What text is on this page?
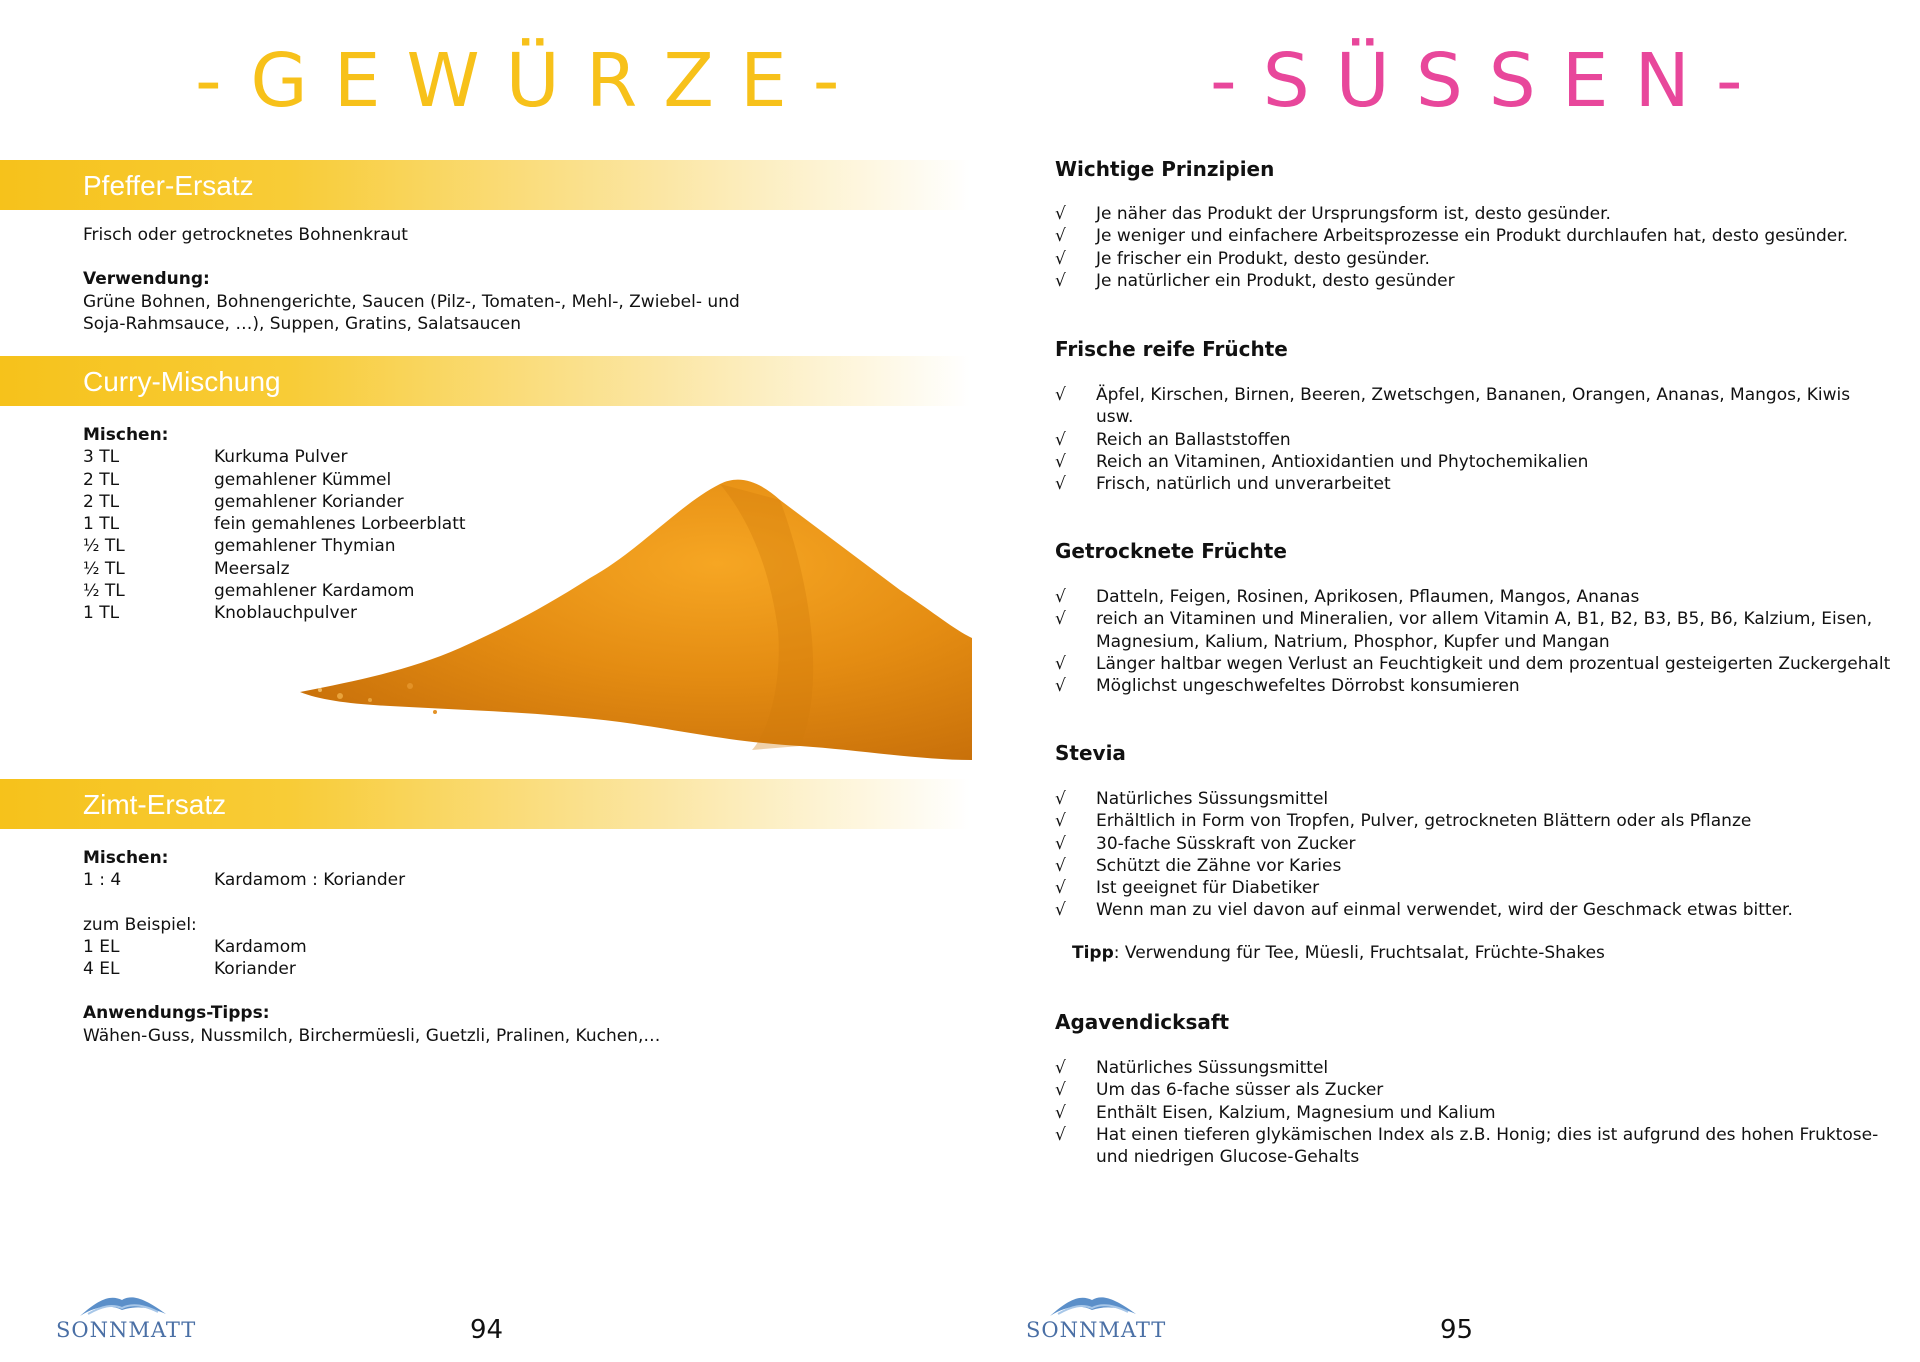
-GEWÜRZE-
Pfeffer-Ersatz
Frisch oder getrocknetes Bohnenkraut
Verwendung:
Grüne Bohnen, Bohnengerichte, Saucen (Pilz-, Tomaten-, Mehl-, Zwiebel- und
Soja-Rahmsauce, …), Suppen, Gratins, Salatsaucen
Curry-Mischung
Mischen:
3 TL	Kurkuma Pulver
2 TL	gemahlener Kümmel
2 TL	gemahlener Koriander
1 TL	fein gemahlenes Lorbeerblatt
½ TL	gemahlener Thymian
½ TL	Meersalz
½ TL	gemahlener Kardamom
1 TL	Knoblauchpulver
Zimt-Ersatz
Mischen:
1 : 4	Kardamom : Koriander
zum Beispiel:
1 EL	Kardamom
4 EL	Koriander
Anwendungs-Tipps:
Wähen-Guss, Nussmilch, Birchermüesli, Guetzli, Pralinen, Kuchen,…
SONNMATT	94
-SÜSSEN-
Wichtige Prinzipien
√ Je näher das Produkt der Ursprungsform ist, desto gesünder.
√ Je weniger und einfachere Arbeitsprozesse ein Produkt durchlaufen hat, desto gesünder.
√ Je frischer ein Produkt, desto gesünder.
√ Je natürlicher ein Produkt, desto gesünder
Frische reife Früchte
√ Äpfel, Kirschen, Birnen, Beeren, Zwetschgen, Bananen, Orangen, Ananas, Mangos, Kiwis
usw.
√ Reich an Ballaststoffen
√ Reich an Vitaminen, Antioxidantien und Phytochemikalien
√ Frisch, natürlich und unverarbeitet
Getrocknete Früchte
√ Datteln, Feigen, Rosinen, Aprikosen, Pflaumen, Mangos, Ananas
√ reich an Vitaminen und Mineralien, vor allem Vitamin A, B1, B2, B3, B5, B6, Kalzium, Eisen,
Magnesium, Kalium, Natrium, Phosphor, Kupfer und Mangan
√ Länger haltbar wegen Verlust an Feuchtigkeit und dem prozentual gesteigerten Zuckergehalt
√ Möglichst ungeschwefeltes Dörrobst konsumieren
Stevia
√ Natürliches Süssungsmittel
√ Erhältlich in Form von Tropfen, Pulver, getrockneten Blättern oder als Pflanze
√ 30-fache Süsskraft von Zucker
√ Schützt die Zähne vor Karies
√ Ist geeignet für Diabetiker
√ Wenn man zu viel davon auf einmal verwendet, wird der Geschmack etwas bitter.
Tipp: Verwendung für Tee, Müesli, Fruchtsalat, Früchte-Shakes
Agavendicksaft
√ Natürliches Süssungsmittel
√ Um das 6-fache süsser als Zucker
√ Enthält Eisen, Kalzium, Magnesium und Kalium
√ Hat einen tieferen glykämischen Index als z.B. Honig; dies ist aufgrund des hohen Fruktose-
und niedrigen Glucose-Gehalts
SONNMATT	95
